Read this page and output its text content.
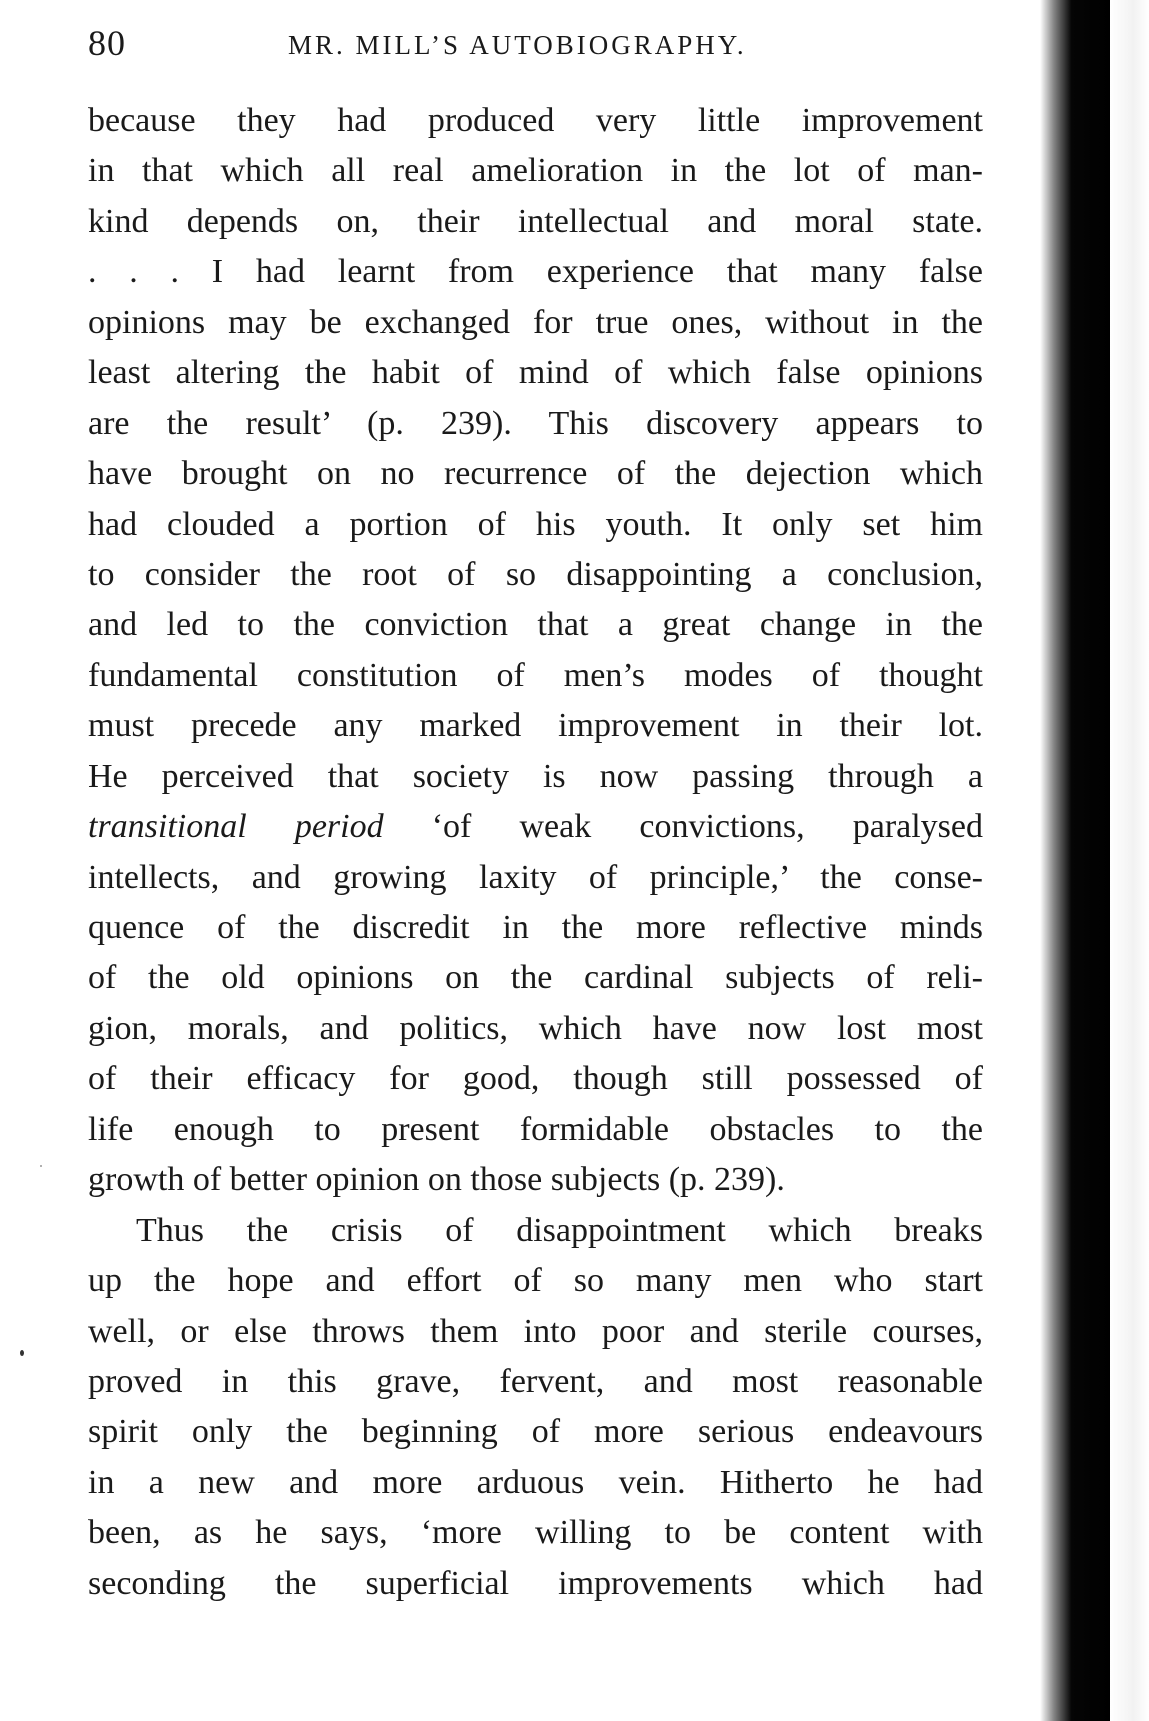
80	MR. MILL’S AUTOBIOGRAPHY.
because they had produced very little improvement
in that which all real amelioration in the lot of man-
kind depends on, their intellectual and moral state.
. . . I had learnt from experience that many false
opinions may be exchanged for true ones, without in the
least altering the habit of mind of which false opinions
are the result’ (p. 239). This discovery appears to
have brought on no recurrence of the dejection which
had clouded a portion of his youth. It only set him
to consider the root of so disappointing a conclusion,
and led to the conviction that a great change in the
fundamental constitution of men’s modes of thought
must precede any marked improvement in their lot.
He perceived that society is now passing through a
transitional period ‘of weak convictions, paralysed
intellects, and growing laxity of principle,’ the conse-
quence of the discredit in the more reflective minds
of the old opinions on the cardinal subjects of reli-
gion, morals, and politics, which have now lost most
of their efficacy for good, though still possessed of
life enough to present formidable obstacles to the
growth of better opinion on those subjects (p. 239).
Thus the crisis of disappointment which breaks
up the hope and effort of so many men who start
well, or else throws them into poor and sterile courses,
proved in this grave, fervent, and most reasonable
spirit only the beginning of more serious endeavours
in a new and more arduous vein. Hitherto he had
been, as he says, ‘more willing to be content with
seconding the superficial improvements which had
